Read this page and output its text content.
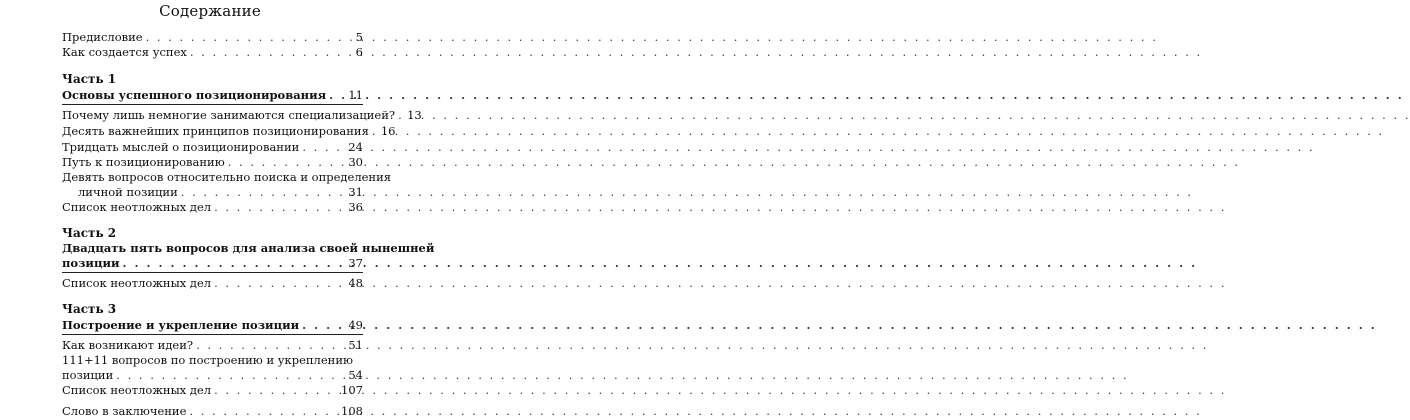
Содержание
Предисловие . . .	5
Как создается успех . . .	6
Часть 1
Основы успешного позиционирования . . . 11
Почему лишь немногие занимаются специализацией? . . . 13
Десять важнейших принципов позиционирования . . . 16
Тридцать мыслей о позиционировании . . .	24
Путь к позиционированию . . .	30
Девять вопросов относительно поиска и определения
личной позиции . . .	31
Список неотложных дел . . .	36
Часть 2
Двадцать пять вопросов для анализа своей нынешней
позиции . . .	37
Список неотложных дел . . .	48
Часть 3
Построение и укрепление позиции . . .	49
Как возникают идеи? . . .	51
111+11 вопросов по построению и укреплению
позиции . . .	54
Список неотложных дел . . .	107
Слово в заключение . . .	108
